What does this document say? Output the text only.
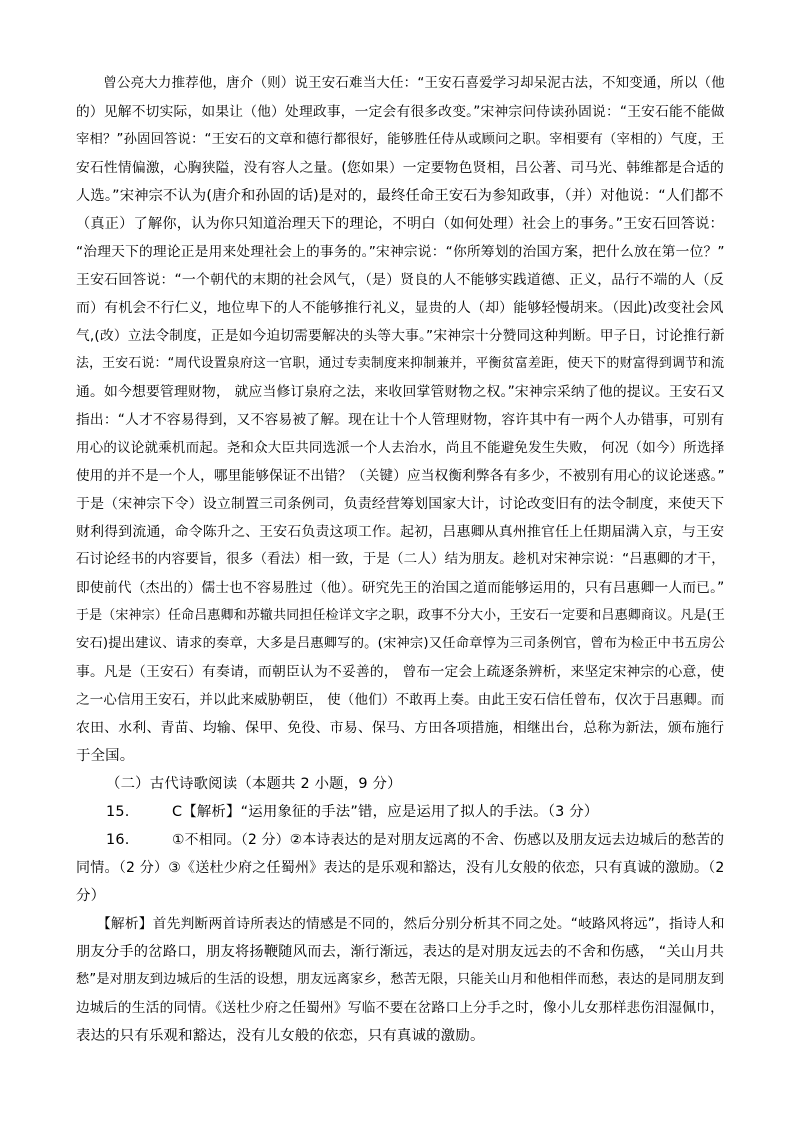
　　曾公亮大力推荐他，唐介（则）说王安石难当大任：“王安石喜爱学习却呆泥古法，不知变通，所以（他
的）见解不切实际，如果让（他）处理政事，一定会有很多改变。”宋神宗问侍读孙固说：“王安石能不能做
宰相？”孙固回答说：“王安石的文章和德行都很好，能够胜任侍从或顾问之职。宰相要有（宰相的）气度，王
安石性情偏激，心胸狭隘，没有容人之量。(您如果）一定要物色贤相，吕公著、司马光、韩维都是合适的
人选。”宋神宗不认为(唐介和孙固的话)是对的，最终任命王安石为参知政事，（并）对他说：“人们都不
（真正）了解你，认为你只知道治理天下的理论，不明白（如何处理）社会上的事务。”王安石回答说：
“治理天下的理论正是用来处理社会上的事务的。”宋神宗说：“你所筹划的治国方案，把什么放在第一位？”
王安石回答说：“一个朝代的末期的社会风气，（是）贤良的人不能够实践道德、正义，品行不端的人（反
而）有机会不行仁义，地位卑下的人不能够推行礼义，显贵的人（却）能够轻慢胡来。（因此)改变社会风
气,(改）立法令制度，正是如今迫切需要解决的头等大事。”宋神宗十分赞同这种判断。甲子日，讨论推行新
法，王安石说：“周代设置泉府这一官职，通过专卖制度来抑制兼并，平衡贫富差距，使天下的财富得到调节和流
通。如今想要管理财物， 就应当修订泉府之法，来收回掌管财物之权。”宋神宗采纳了他的提议。王安石又
指出：“人才不容易得到，又不容易被了解。现在让十个人管理财物，容许其中有一两个人办错事，可别有
用心的议论就乘机而起。尧和众大臣共同选派一个人去治水，尚且不能避免发生失败， 何况（如今）所选择
使用的并不是一个人，哪里能够保证不出错？（关键）应当权衡利弊各有多少，不被别有用心的议论迷惑。”
于是（宋神宗下令）设立制置三司条例司，负责经营筹划国家大计，讨论改变旧有的法令制度，来使天下
财利得到流通，命令陈升之、王安石负责这项工作。起初，吕惠卿从真州推官任上任期届满入京，与王安
石讨论经书的内容要旨，很多（看法）相一致，于是（二人）结为朋友。趁机对宋神宗说：“吕惠卿的才干，
即使前代（杰出的）儒士也不容易胜过（他）。研究先王的治国之道而能够运用的，只有吕惠卿一人而已。”
于是（宋神宗）任命吕惠卿和苏辙共同担任检详文字之职，政事不分大小，王安石一定要和吕惠卿商议。凡是(王
安石)提出建议、请求的奏章，大多是吕惠卿写的。(宋神宗)又任命章惇为三司条例官，曾布为检正中书五房公
事。凡是（王安石）有奏请，而朝臣认为不妥善的， 曾布一定会上疏逐条辨析，来坚定宋神宗的心意，使
之一心信用王安石，并以此来威胁朝臣， 使（他们）不敢再上奏。由此王安石信任曾布，仅次于吕惠卿。而
农田、水利、青苗、均输、保甲、免役、市易、保马、方田各项措施，相继出台，总称为新法，颁布施行
于全国。
（二）古代诗歌阅读（本题共 2 小题，9 分）
15.	C【解析】“运用象征的手法”错，应是运用了拟人的手法。（3 分）
16.	①不相同。（2 分）②本诗表达的是对朋友远离的不舍、伤感以及朋友远去边城后的愁苦的
同情。（2 分）③《送杜少府之任蜀州》表达的是乐观和豁达，没有儿女般的依恋，只有真诚的激励。（2
分）
　　【解析】首先判断两首诗所表达的情感是不同的，然后分别分析其不同之处。“岐路风将远”，指诗人和
朋友分手的岔路口，朋友将扬鞭随风而去，渐行渐远，表达的是对朋友远去的不舍和伤感， “关山月共
愁”是对朋友到边城后的生活的设想，朋友远离家乡，愁苦无限，只能关山月和他相伴而愁，表达的是同朋友到
边城后的生活的同情。《送杜少府之任蜀州》写临不要在岔路口上分手之时，像小儿女那样悲伤泪湿佩巾，
表达的只有乐观和豁达，没有儿女般的依恋，只有真诚的激励。
